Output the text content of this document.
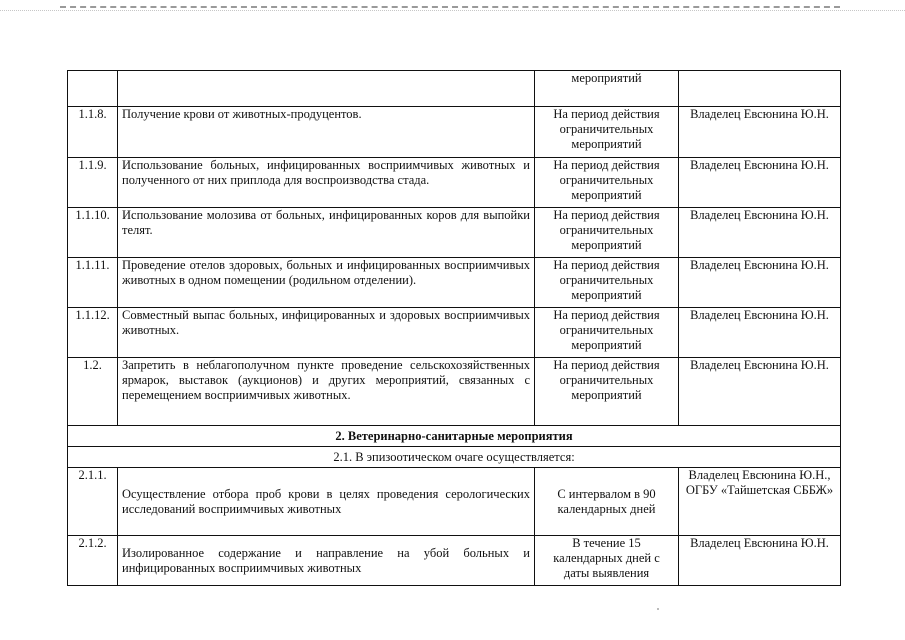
		мероприятий	
1.1.8.	Получение крови от животных-продуцентов.	На период действия ограничительных мероприятий	Владелец Евсюнина Ю.Н.
1.1.9.	Использование больных, инфицированных восприимчивых животных и полученного от них приплода для воспроизводства стада.	На период действия ограничительных мероприятий	Владелец Евсюнина Ю.Н.
1.1.10.	Использование молозива от больных, инфицированных коров для выпойки телят.	На период действия ограничительных мероприятий	Владелец Евсюнина Ю.Н.
1.1.11.	Проведение отелов здоровых, больных и инфицированных восприимчивых животных в одном помещении (родильном отделении).	На период действия ограничительных мероприятий	Владелец Евсюнина Ю.Н.
1.1.12.	Совместный выпас больных, инфицированных и здоровых восприимчивых животных.	На период действия ограничительных мероприятий	Владелец Евсюнина Ю.Н.
1.2.	Запретить в неблагополучном пункте проведение сельскохозяйственных ярмарок, выставок (аукционов) и других мероприятий, связанных с перемещением восприимчивых животных.	На период действия ограничительных мероприятий	Владелец Евсюнина Ю.Н.
2. Ветеринарно-санитарные мероприятия			
2.1. В эпизоотическом очаге осуществляется:			
2.1.1.	Осуществление отбора проб крови в целях проведения серологических исследований восприимчивых животных	С интервалом в 90 календарных дней	Владелец Евсюнина Ю.Н., ОГБУ «Тайшетская СББЖ»
2.1.2.	Изолированное содержание и направление на убой больных и инфицированных восприимчивых животных	В течение 15 календарных дней с даты выявления	Владелец Евсюнина Ю.Н.
